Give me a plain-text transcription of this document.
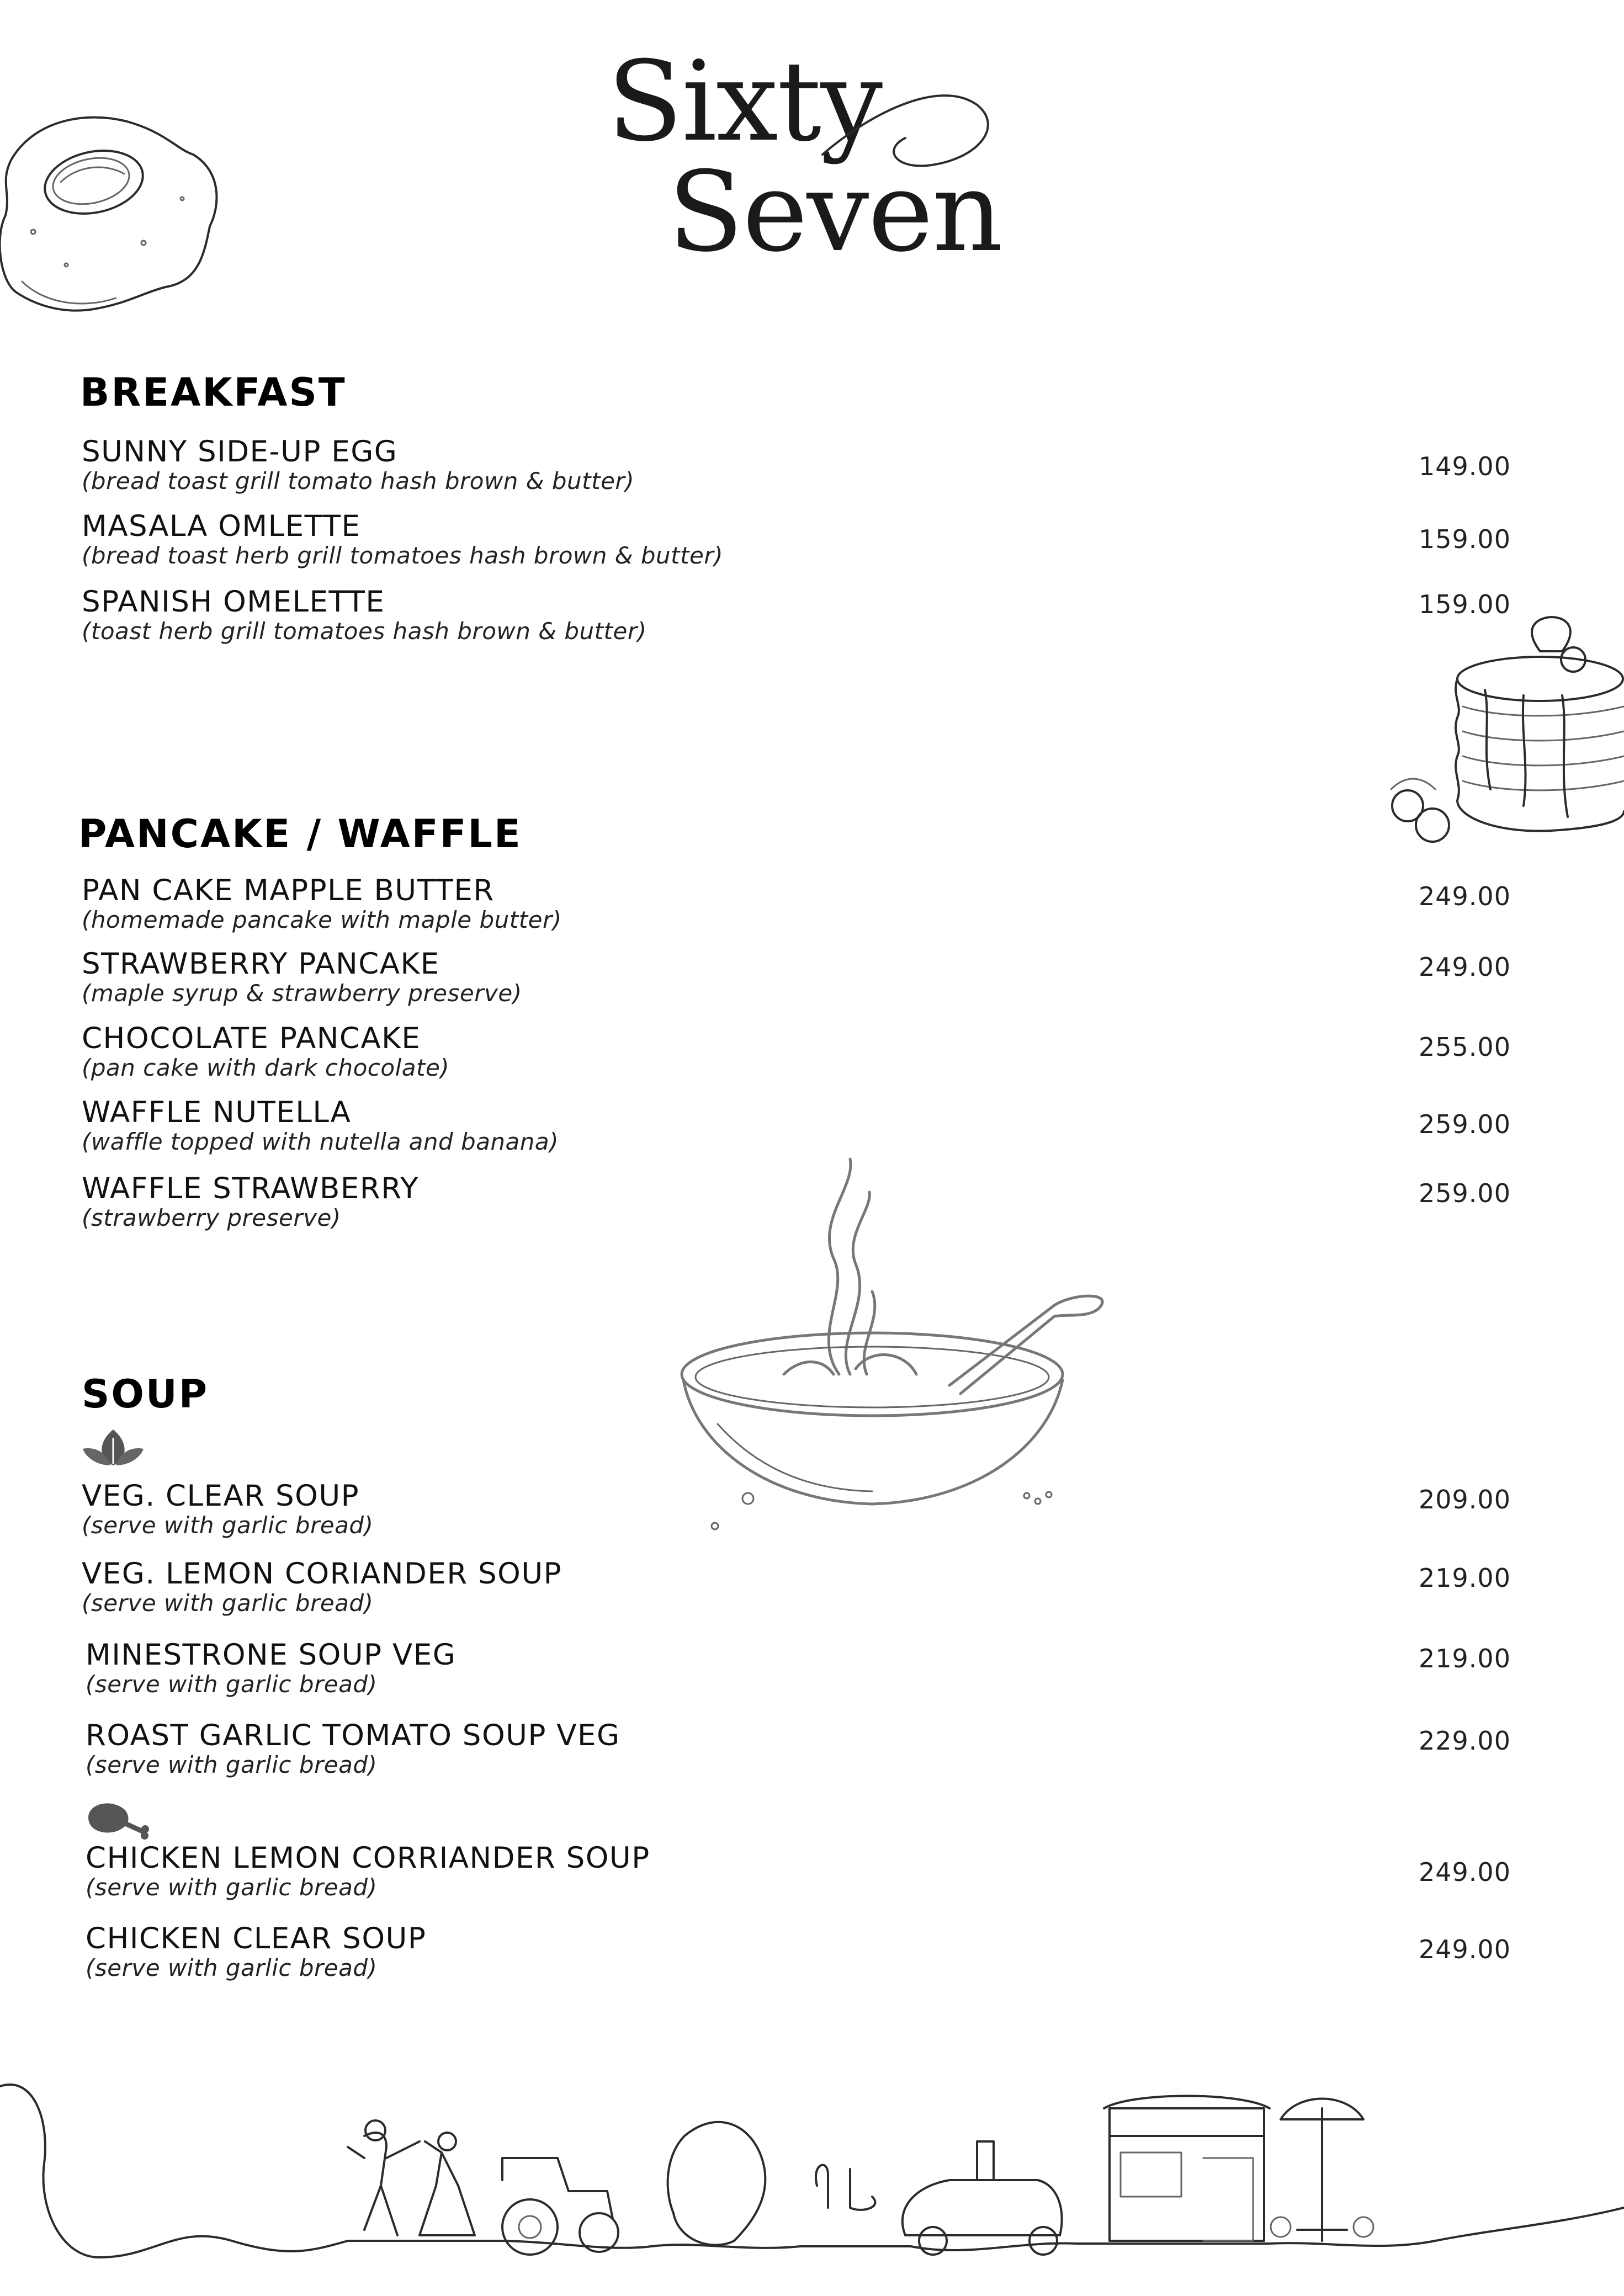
Sixty
Seven
BREAKFAST
SUNNY SIDE-UP EGG
(bread toast grill tomato hash brown & butter)	149.00
MASALA OMLETTE
(bread toast herb grill tomatoes hash brown & butter)
159.00
SPANISH OMELETTE
(toast herb grill tomatoes hash brown & butter)
159.00
PANCAKE / WAFFLE
PAN CAKE MAPPLE BUTTER
(homemade pancake with maple butter)
249.00
STRAWBERRY PANCAKE
(maple syrup & strawberry preserve)
249.00
CHOCOLATE PANCAKE
(pan cake with dark chocolate)
255.00
WAFFLE NUTELLA
(waffle topped with nutella and banana)
259.00
WAFFLE STRAWBERRY
(strawberry preserve)
259.00
SOUP
VEG. CLEAR SOUP
(serve with garlic bread)
209.00
VEG. LEMON CORIANDER SOUP
(serve with garlic bread)
219.00
MINESTRONE SOUP VEG
(serve with garlic bread)
219.00
ROAST GARLIC TOMATO SOUP VEG
(serve with garlic bread)
229.00
CHICKEN LEMON CORRIANDER SOUP
(serve with garlic bread)
249.00
CHICKEN CLEAR SOUP
(serve with garlic bread)
249.00
